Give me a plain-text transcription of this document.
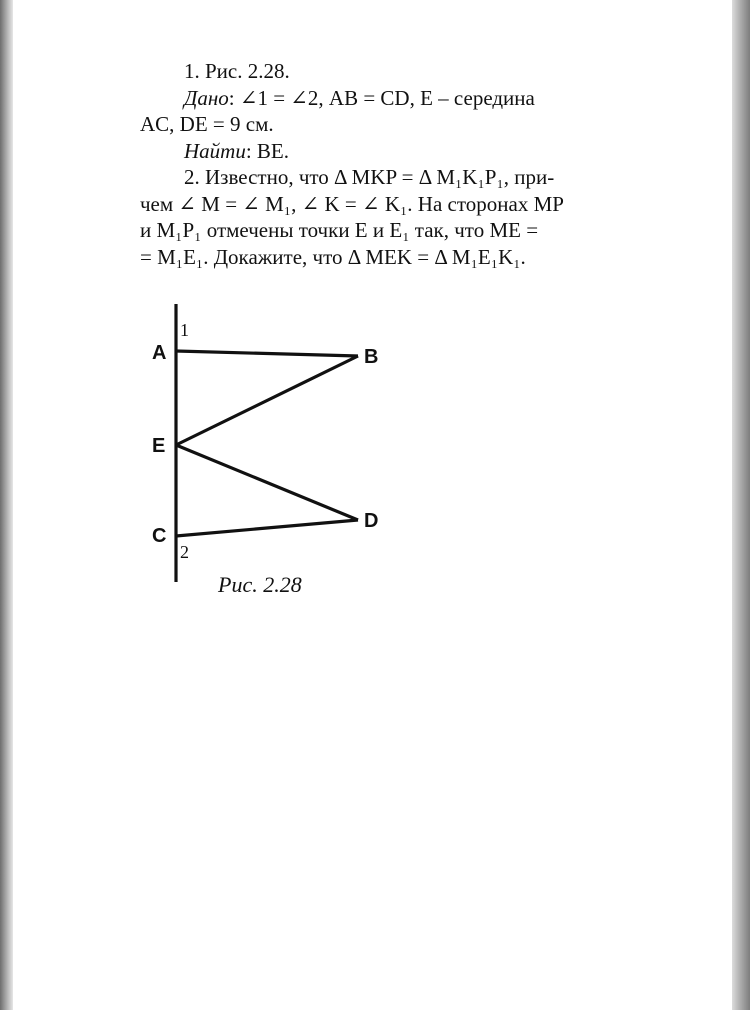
1. Рис. 2.28.
Дано: ∠1 = ∠2, AB = CD, E – середина
AC, DE = 9 см.
Найти: BE.
2. Известно, что Δ MKP = Δ M₁K₁P₁, при-
чем ∠ M = ∠ M₁, ∠ K = ∠ K₁. На сторонах MP
и M₁P₁ отмечены точки E и E₁ так, что ME =
= M₁E₁. Докажите, что Δ MEK = Δ M₁E₁K₁.
1
A	B
E
C
D
2
Рис. 2.28
